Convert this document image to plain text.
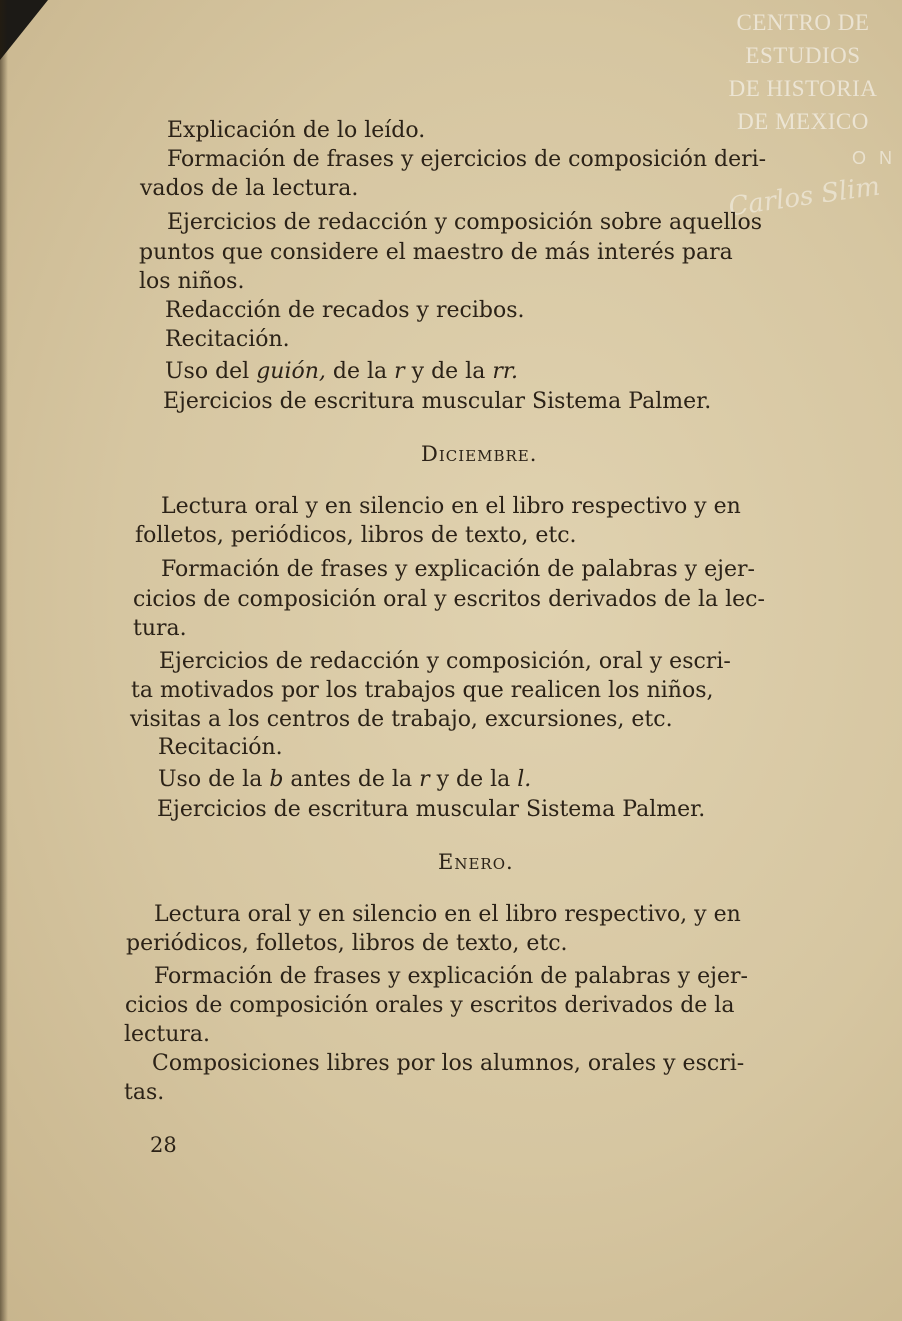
CENTRO DE
ESTUDIOS
DE HISTORIA
DE MEXICO
O N
Carlos Slim

Explicación de lo leído.

Formación de frases y ejercicios de composición deri-

vados de la lectura.

Ejercicios de redacción y composición sobre aquellos

puntos que considere el maestro de más interés para

los niños.

Redacción de recados y recibos.

Recitación.

Uso del guión, de la r y de la rr.

Ejercicios de escritura muscular Sistema Palmer.

Diciembre.

Lectura oral y en silencio en el libro respectivo y en

folletos, periódicos, libros de texto, etc.

Formación de frases y explicación de palabras y ejer-

cicios de composición oral y escritos derivados de la lec-

tura.

Ejercicios de redacción y composición, oral y escri-

ta motivados por los trabajos que realicen los niños,

visitas a los centros de trabajo, excursiones, etc.

Recitación.

Uso de la b antes de la r y de la l.

Ejercicios de escritura muscular Sistema Palmer.

Enero.

Lectura oral y en silencio en el libro respectivo, y en

periódicos, folletos, libros de texto, etc.

Formación de frases y explicación de palabras y ejer-

cicios de composición orales y escritos derivados de la

lectura.

Composiciones libres por los alumnos, orales y escri-

tas.

28
